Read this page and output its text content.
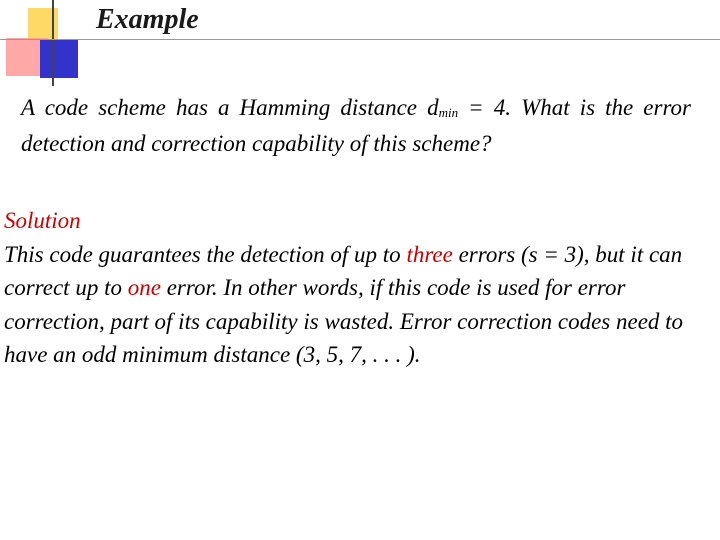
Example

A code scheme has a Hamming distance $d_{min} = 4$. What is the error detection and correction capability of this scheme?

Solution
This code guarantees the detection of up to three errors (s = 3), but it can correct up to one error. In other words, if this code is used for error correction, part of its capability is wasted. Error correction codes need to have an odd minimum distance (3, 5, 7, . . . ).
